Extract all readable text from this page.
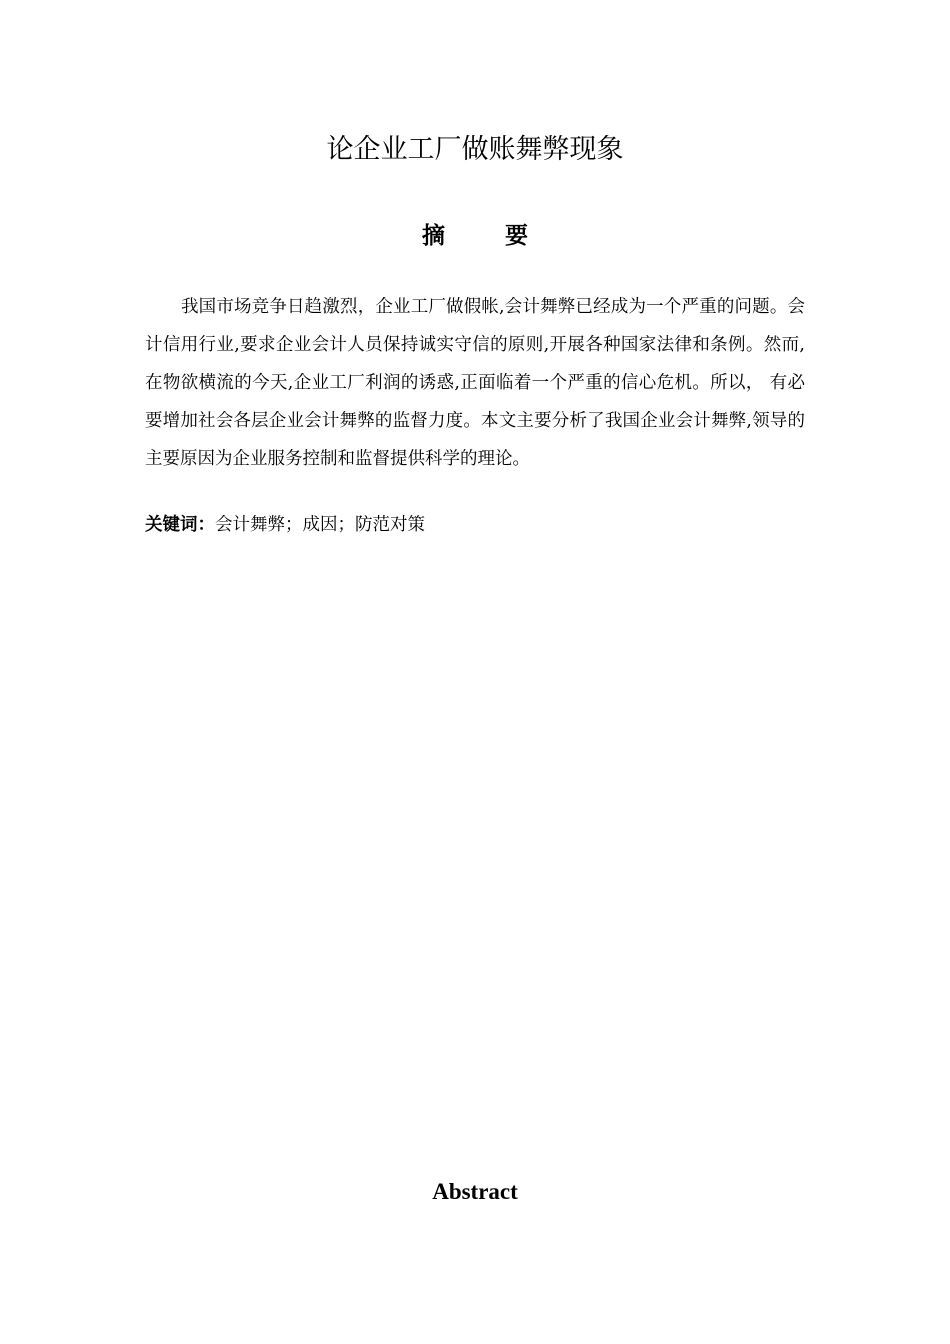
论企业工厂做账舞弊现象
摘 要

我国市场竞争日趋激烈，企业工厂做假帐,会计舞弊已经成为一个严重的问题。会计信用行业,要求企业会计人员保持诚实守信的原则,开展各种国家法律和条例。然而,在物欲横流的今天,企业工厂利润的诱惑,正面临着一个严重的信心危机。所以， 有必要增加社会各层企业会计舞弊的监督力度。本文主要分析了我国企业会计舞弊,领导的主要原因为企业服务控制和监督提供科学的理论。

关键词：会计舞弊；成因；防范对策

Abstract
